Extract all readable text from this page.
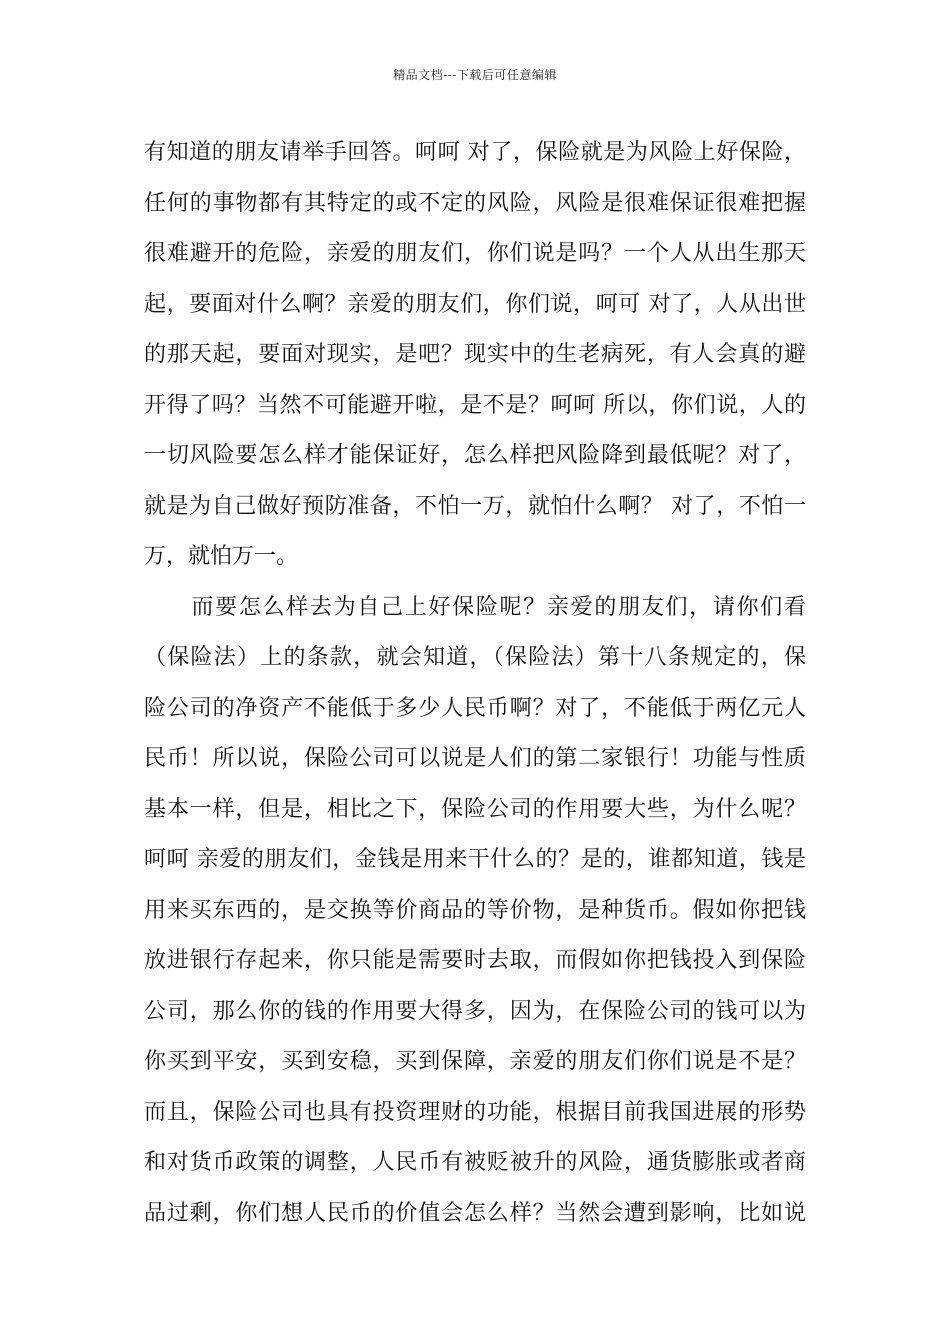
精品文档---下载后可任意编辑
有知道的朋友请举手回答。呵呵 对了，保险就是为风险上好保险，
任何的事物都有其特定的或不定的风险，风险是很难保证很难把握
很难避开的危险，亲爱的朋友们，你们说是吗？一个人从出生那天
起，要面对什么啊？亲爱的朋友们，你们说，呵可 对了，人从出世
的那天起，要面对现实，是吧？现实中的生老病死，有人会真的避
开得了吗？当然不可能避开啦，是不是？呵呵 所以，你们说，人的
一切风险要怎么样才能保证好，怎么样把风险降到最低呢？对了，
就是为自己做好预防准备，不怕一万，就怕什么啊？ 对了，不怕一
万，就怕万一。
　　而要怎么样去为自己上好保险呢？亲爱的朋友们，请你们看
（保险法）上的条款，就会知道，（保险法）第十八条规定的，保
险公司的净资产不能低于多少人民币啊？对了，不能低于两亿元人
民币！所以说，保险公司可以说是人们的第二家银行！功能与性质
基本一样，但是，相比之下，保险公司的作用要大些，为什么呢？
呵呵 亲爱的朋友们，金钱是用来干什么的？是的，谁都知道，钱是
用来买东西的，是交换等价商品的等价物，是种货币。假如你把钱
放进银行存起来，你只能是需要时去取，而假如你把钱投入到保险
公司，那么你的钱的作用要大得多，因为，在保险公司的钱可以为
你买到平安，买到安稳，买到保障，亲爱的朋友们你们说是不是？
而且，保险公司也具有投资理财的功能，根据目前我国进展的形势
和对货币政策的调整，人民币有被贬被升的风险，通货膨胀或者商
品过剩，你们想人民币的价值会怎么样？当然会遭到影响，比如说
